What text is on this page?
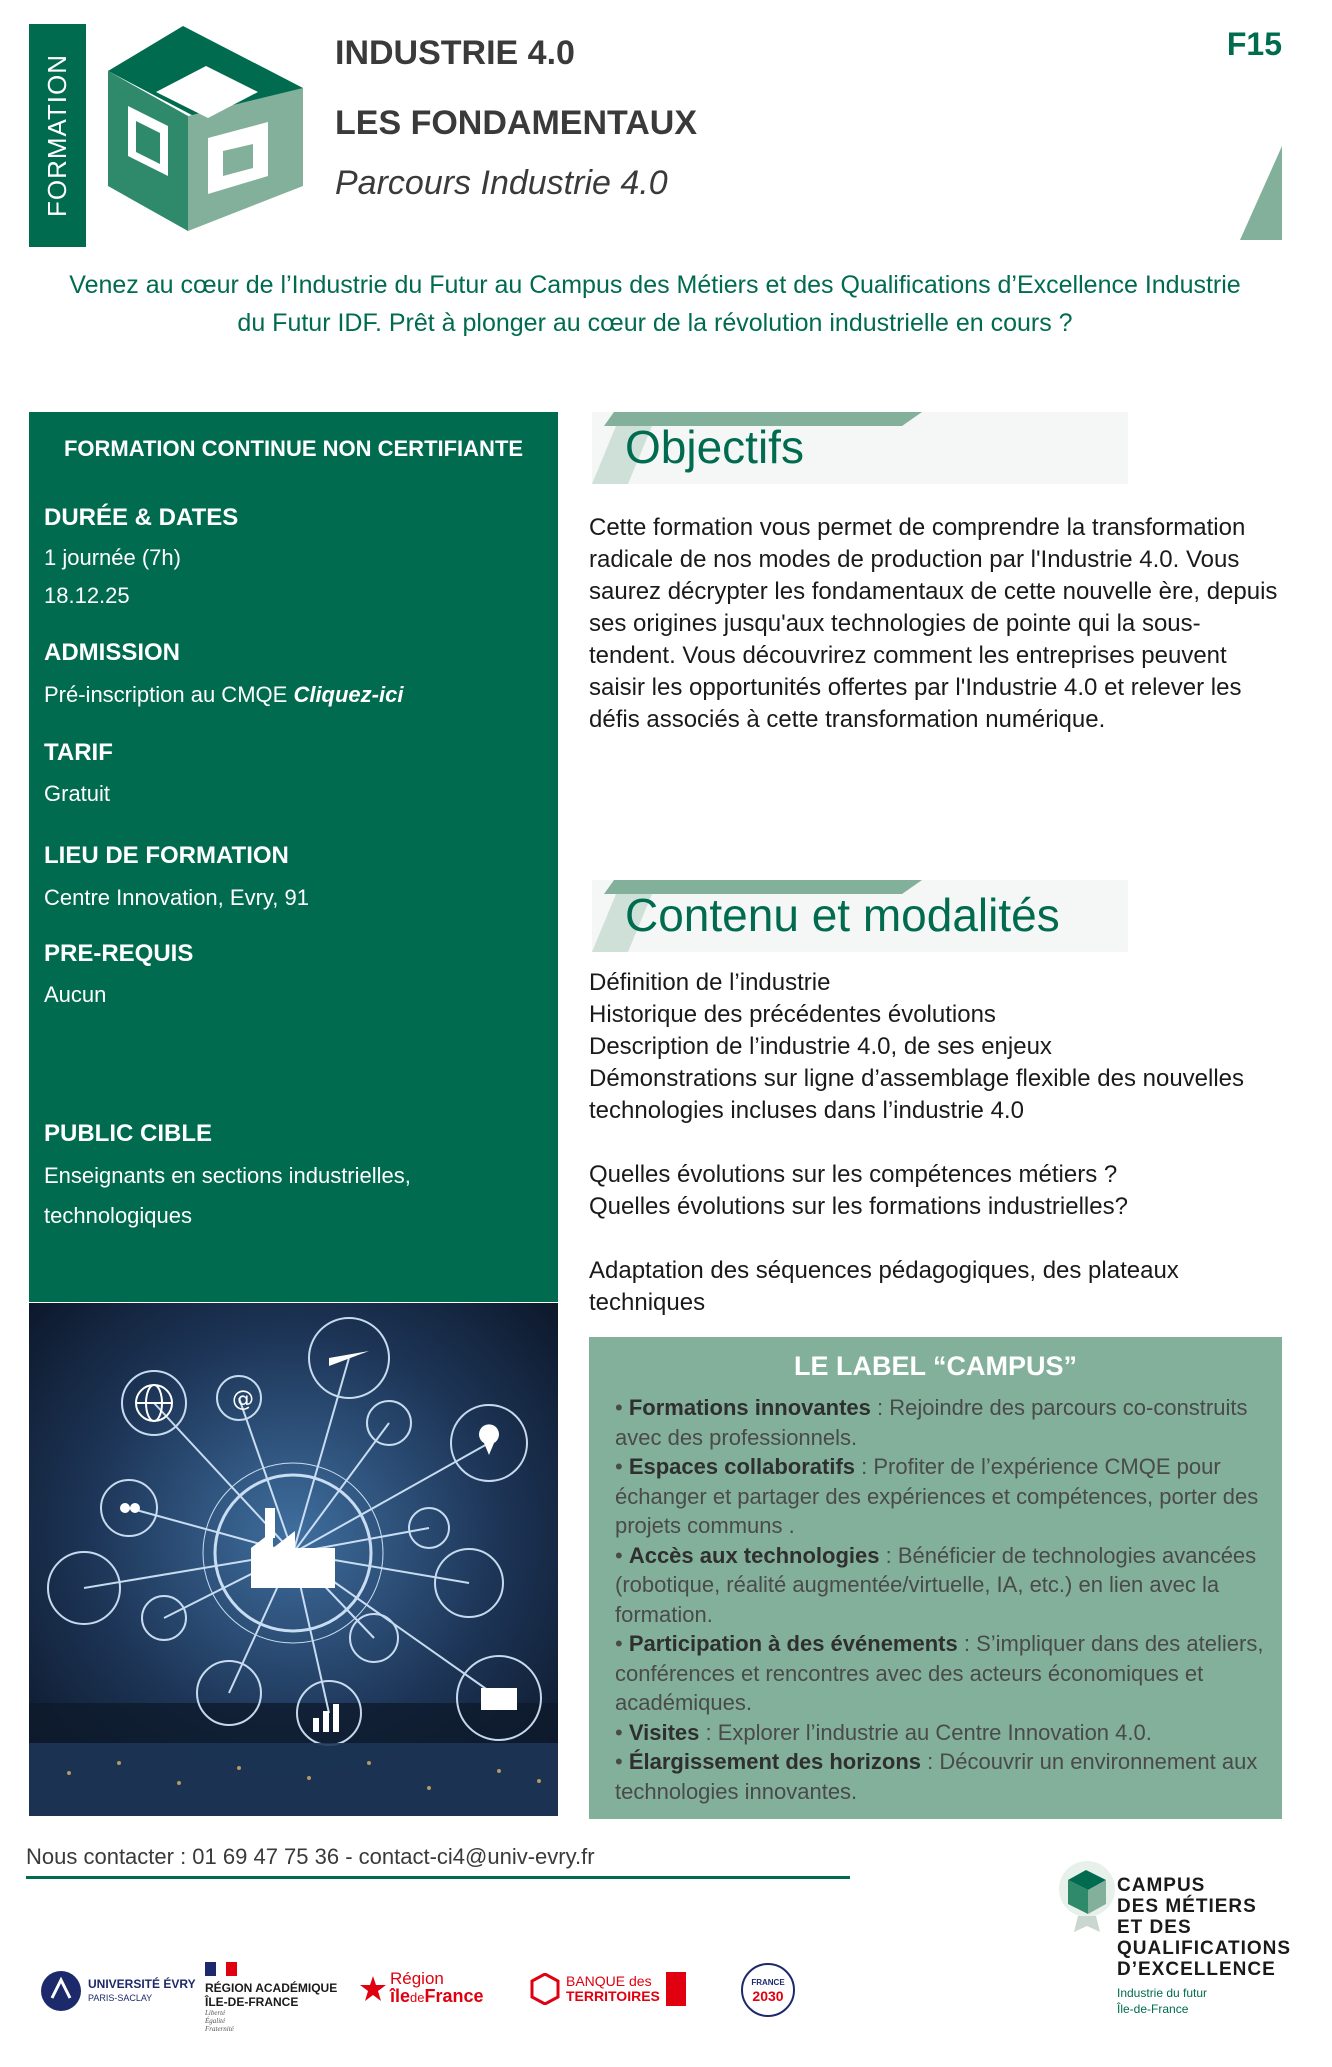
FORMATION
INDUSTRIE 4.0
LES FONDAMENTAUX
Parcours Industrie 4.0
F15
Venez au cœur de l’Industrie du Futur au Campus des Métiers et des Qualifications d’Excellence Industrie du Futur IDF. Prêt à plonger au cœur de la révolution industrielle en cours ?
FORMATION CONTINUE NON CERTIFIANTE
DURÉE & DATES
1 journée (7h)
18.12.25
ADMISSION
Pré-inscription au CMQE Cliquez-ici
TARIF
Gratuit
LIEU DE FORMATION
Centre Innovation, Evry, 91
PRE-REQUIS
Aucun
PUBLIC CIBLE
Enseignants en sections industrielles,
technologiques
@
Objectifs
Cette formation vous permet de comprendre la transformation radicale de nos modes de production par l'Industrie 4.0. Vous saurez décrypter les fondamentaux de cette nouvelle ère, depuis ses origines jusqu'aux technologies de pointe qui la sous-tendent. Vous découvrirez comment les entreprises peuvent saisir les opportunités offertes par l'Industrie 4.0 et relever les défis associés à cette transformation numérique.
Contenu et modalités
Définition de l’industrie
Historique des précédentes évolutions
Description de l’industrie 4.0, de ses enjeux
Démonstrations sur ligne d’assemblage flexible des nouvelles technologies incluses dans l’industrie 4.0
Quelles évolutions sur les compétences métiers ?
Quelles évolutions sur les formations industrielles?
Adaptation des séquences pédagogiques, des plateaux techniques
LE LABEL “CAMPUS”
• Formations innovantes : Rejoindre des parcours co-construits avec des professionnels.
• Espaces collaboratifs : Profiter de l’expérience CMQE pour échanger et partager des expériences et compétences, porter des projets communs .
• Accès aux technologies : Bénéficier de technologies avancées (robotique, réalité augmentée/virtuelle, IA, etc.) en lien avec la formation.
• Participation à des événements : S’impliquer dans des ateliers, conférences et rencontres avec des acteurs économiques et académiques.
• Visites : Explorer l’industrie au Centre Innovation 4.0.
• Élargissement des horizons : Découvrir un environnement aux technologies innovantes.
Nous contacter : 01 69 47 75 36 - contact-ci4@univ-evry.fr
UNIVERSITÉ ÉVRY
PARIS-SACLAY
RÉGION ACADÉMIQUE
ÎLE-DE-FRANCE
Liberté
Égalité
Fraternité
Région
îledeFrance
BANQUE des
TERRITOIRES
FRANCE
2030
CAMPUS
DES MÉTIERS
ET DES
QUALIFICATIONS
D’EXCELLENCE
Industrie du futur
Île-de-France
